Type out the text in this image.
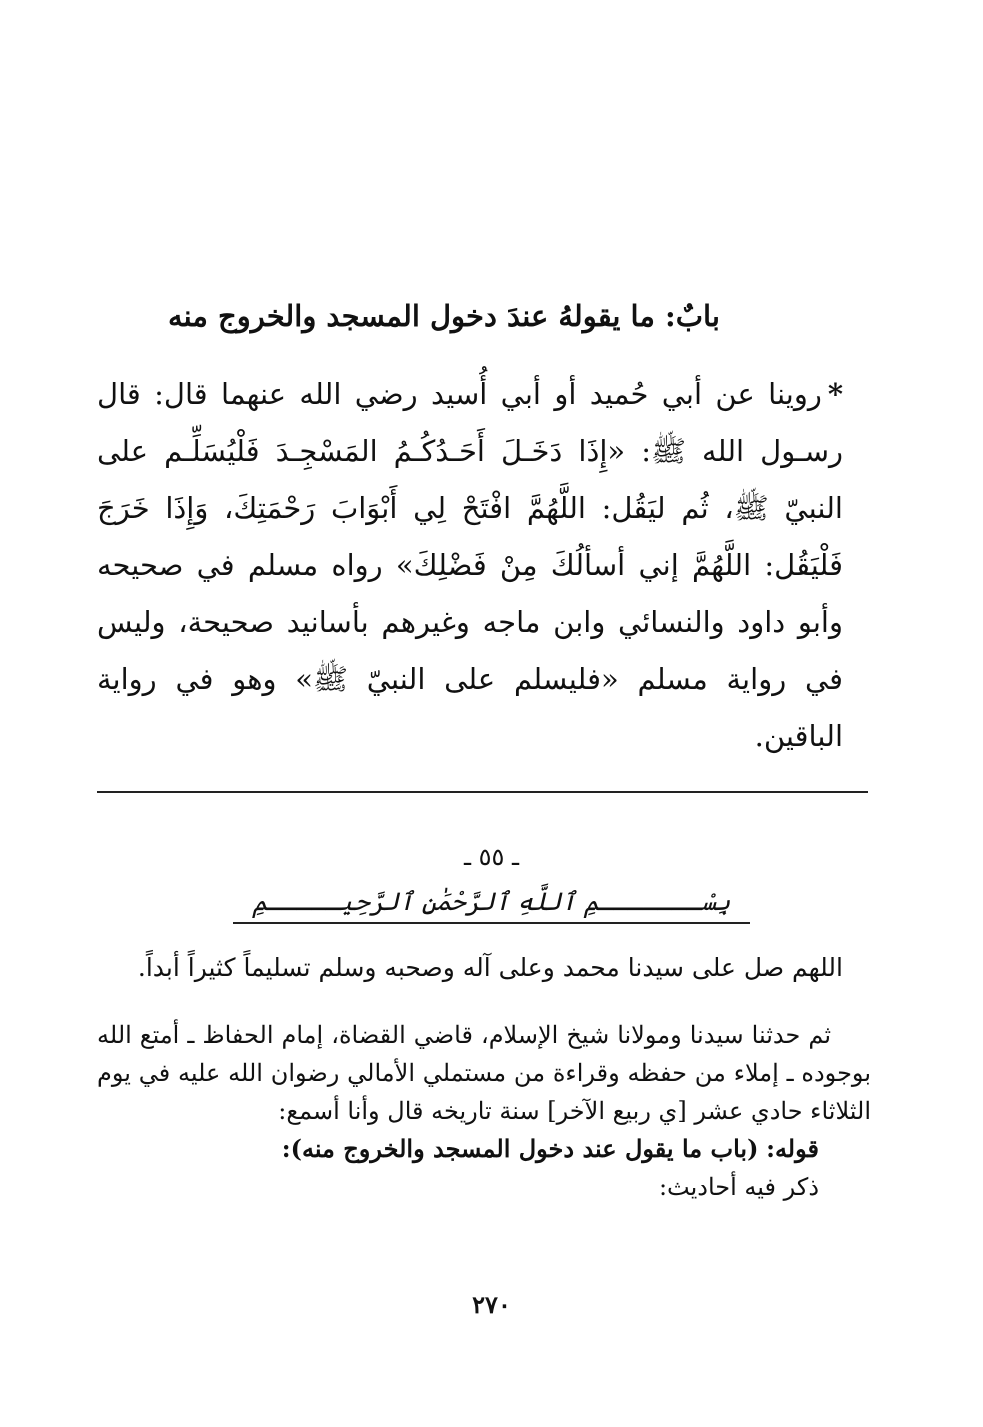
بابٌ: ما يقولهُ عندَ دخول المسجد والخروج منه

*روينا عن أبي حُميد أو أبي أُسيد رضي الله عنهما قال: قال رسـول الله ﷺ: «إِذَا دَخَـلَ أَحَـدُكُـمُ المَسْجِـدَ فَلْيُسَلِّـم على النبيّ ﷺ، ثُم ليَقُل: اللَّهُمَّ افْتَحْ لِي أَبْوَابَ رَحْمَتِكَ، وَإِذَا خَرَجَ فَلْيَقُل: اللَّهُمَّ إني أسألُكَ مِنْ فَضْلِكَ» رواه مسلم في صحيحه وأبو داود والنسائي وابن ماجه وغيرهم بأسانيد صحيحة، وليس في رواية مسلم «فليسلم على النبيّ ﷺ» وهو في رواية الباقين.

ـ ٥٥ ـ
بِسْـــــــمِ ٱللَّهِ ٱلرَّحْمَٰنِ ٱلرَّحِيـــــمِ
اللهم صل على سيدنا محمد وعلى آله وصحبه وسلم تسليماً كثيراً أبداً.

ثم حدثنا سيدنا ومولانا شيخ الإسلام، قاضي القضاة، إمام الحفاظ ـ أمتع الله بوجوده ـ إملاء من حفظه وقراءة من مستملي الأمالي رضوان الله عليه في يوم الثلاثاء حادي عشر [ي ربيع الآخر] سنة تاريخه قال وأنا أسمع:

قوله: (باب ما يقول عند دخول المسجد والخروج منه):

ذكر فيه أحاديث:

٢٧٠
